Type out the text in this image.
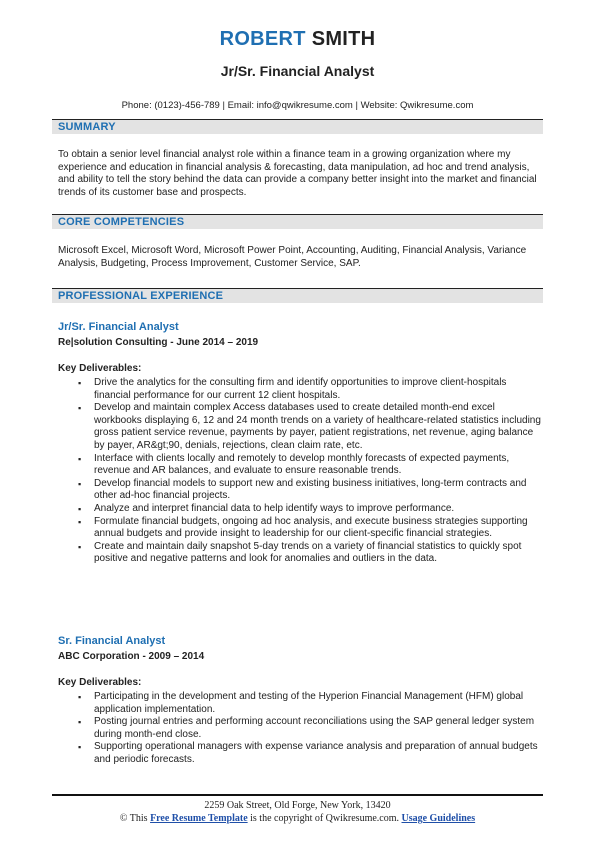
ROBERT SMITH
Jr/Sr. Financial Analyst
Phone: (0123)-456-789 | Email: info@qwikresume.com | Website: Qwikresume.com
SUMMARY
To obtain a senior level financial analyst role within a finance team in a growing organization where my experience and education in financial analysis & forecasting, data manipulation, ad hoc and trend analysis, and ability to tell the story behind the data can provide a company better insight into the market and financial trends of its customer base and prospects.
CORE COMPETENCIES
Microsoft Excel, Microsoft Word, Microsoft Power Point, Accounting, Auditing, Financial Analysis, Variance Analysis, Budgeting, Process Improvement, Customer Service, SAP.
PROFESSIONAL EXPERIENCE
Jr/Sr. Financial Analyst
Re|solution Consulting - June 2014 – 2019
Key Deliverables:
▪ Drive the analytics for the consulting firm and identify opportunities to improve client-hospitals financial performance for our current 12 client hospitals.
▪ Develop and maintain complex Access databases used to create detailed month-end excel workbooks displaying 6, 12 and 24 month trends on a variety of healthcare-related statistics including gross patient service revenue, payments by payer, patient registrations, net revenue, aging balance by payer, AR&gt;90, denials, rejections, clean claim rate, etc.
▪ Interface with clients locally and remotely to develop monthly forecasts of expected payments, revenue and AR balances, and evaluate to ensure reasonable trends.
▪ Develop financial models to support new and existing business initiatives, long-term contracts and other ad-hoc financial projects.
▪ Analyze and interpret financial data to help identify ways to improve performance.
▪ Formulate financial budgets, ongoing ad hoc analysis, and execute business strategies supporting annual budgets and provide insight to leadership for our client-specific financial strategies.
▪ Create and maintain daily snapshot 5-day trends on a variety of financial statistics to quickly spot positive and negative patterns and look for anomalies and outliers in the data.
Sr. Financial Analyst
ABC Corporation - 2009 – 2014
Key Deliverables:
▪ Participating in the development and testing of the Hyperion Financial Management (HFM) global application implementation.
▪ Posting journal entries and performing account reconciliations using the SAP general ledger system during month-end close.
▪ Supporting operational managers with expense variance analysis and preparation of annual budgets and periodic forecasts.
2259 Oak Street, Old Forge, New York, 13420
© This Free Resume Template is the copyright of Qwikresume.com. Usage Guidelines
